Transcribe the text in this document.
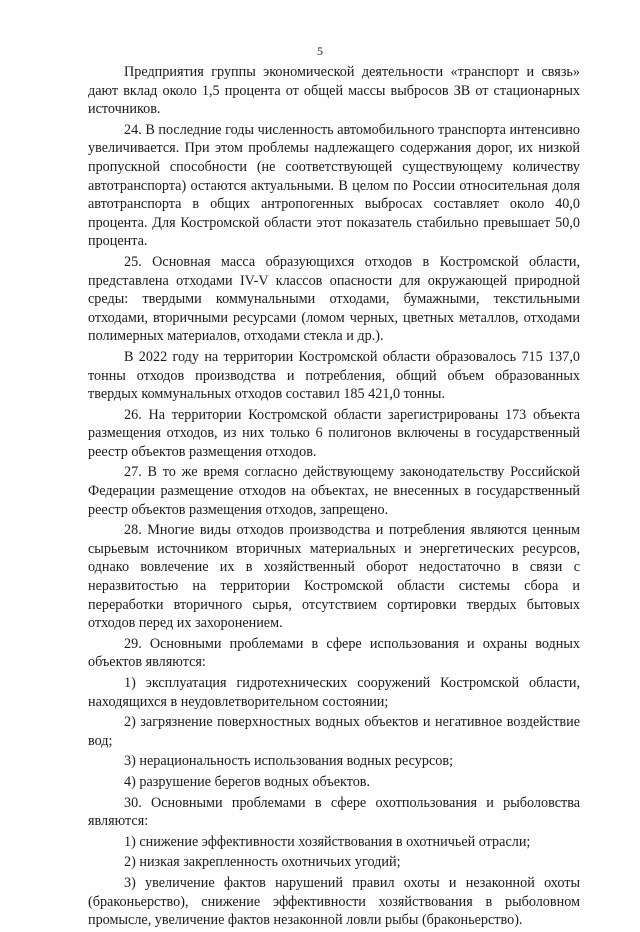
5

Предприятия группы экономической деятельности «транспорт и связь» дают вклад около 1,5 процента от общей массы выбросов ЗВ от стационарных источников.

24. В последние годы численность автомобильного транспорта интенсивно увеличивается. При этом проблемы надлежащего содержания дорог, их низкой пропускной способности (не соответствующей существующему количеству автотранспорта) остаются актуальными. В целом по России относительная доля автотранспорта в общих антропогенных выбросах составляет около 40,0 процента. Для Костромской области этот показатель стабильно превышает 50,0 процента.

25. Основная масса образующихся отходов в Костромской области, представлена отходами IV-V классов опасности для окружающей природной среды: твердыми коммунальными отходами, бумажными, текстильными отходами, вторичными ресурсами (ломом черных, цветных металлов, отходами полимерных материалов, отходами стекла и др.).

В 2022 году на территории Костромской области образовалось 715 137,0 тонны отходов производства и потребления, общий объем образованных твердых коммунальных отходов составил 185 421,0 тонны.

26. На территории Костромской области зарегистрированы 173 объекта размещения отходов, из них только 6 полигонов включены в государственный реестр объектов размещения отходов.

27. В то же время согласно действующему законодательству Российской Федерации размещение отходов на объектах, не внесенных в государственный реестр объектов размещения отходов, запрещено.

28. Многие виды отходов производства и потребления являются ценным сырьевым источником вторичных материальных и энергетических ресурсов, однако вовлечение их в хозяйственный оборот недостаточно в связи с неразвитостью на территории Костромской области системы сбора и переработки вторичного сырья, отсутствием сортировки твердых бытовых отходов перед их захоронением.

29. Основными проблемами в сфере использования и охраны водных объектов являются:

1) эксплуатация гидротехнических сооружений Костромской области, находящихся в неудовлетворительном состоянии;

2) загрязнение поверхностных водных объектов и негативное воздействие вод;

3) нерациональность использования водных ресурсов;

4) разрушение берегов водных объектов.

30. Основными проблемами в сфере охотпользования и рыболовства являются:

1) снижение эффективности хозяйствования в охотничьей отрасли;

2) низкая закрепленность охотничьих угодий;

3) увеличение фактов нарушений правил охоты и незаконной охоты (браконьерство), снижение эффективности хозяйствования в рыболовном промысле, увеличение фактов незаконной ловли рыбы (браконьерство).
